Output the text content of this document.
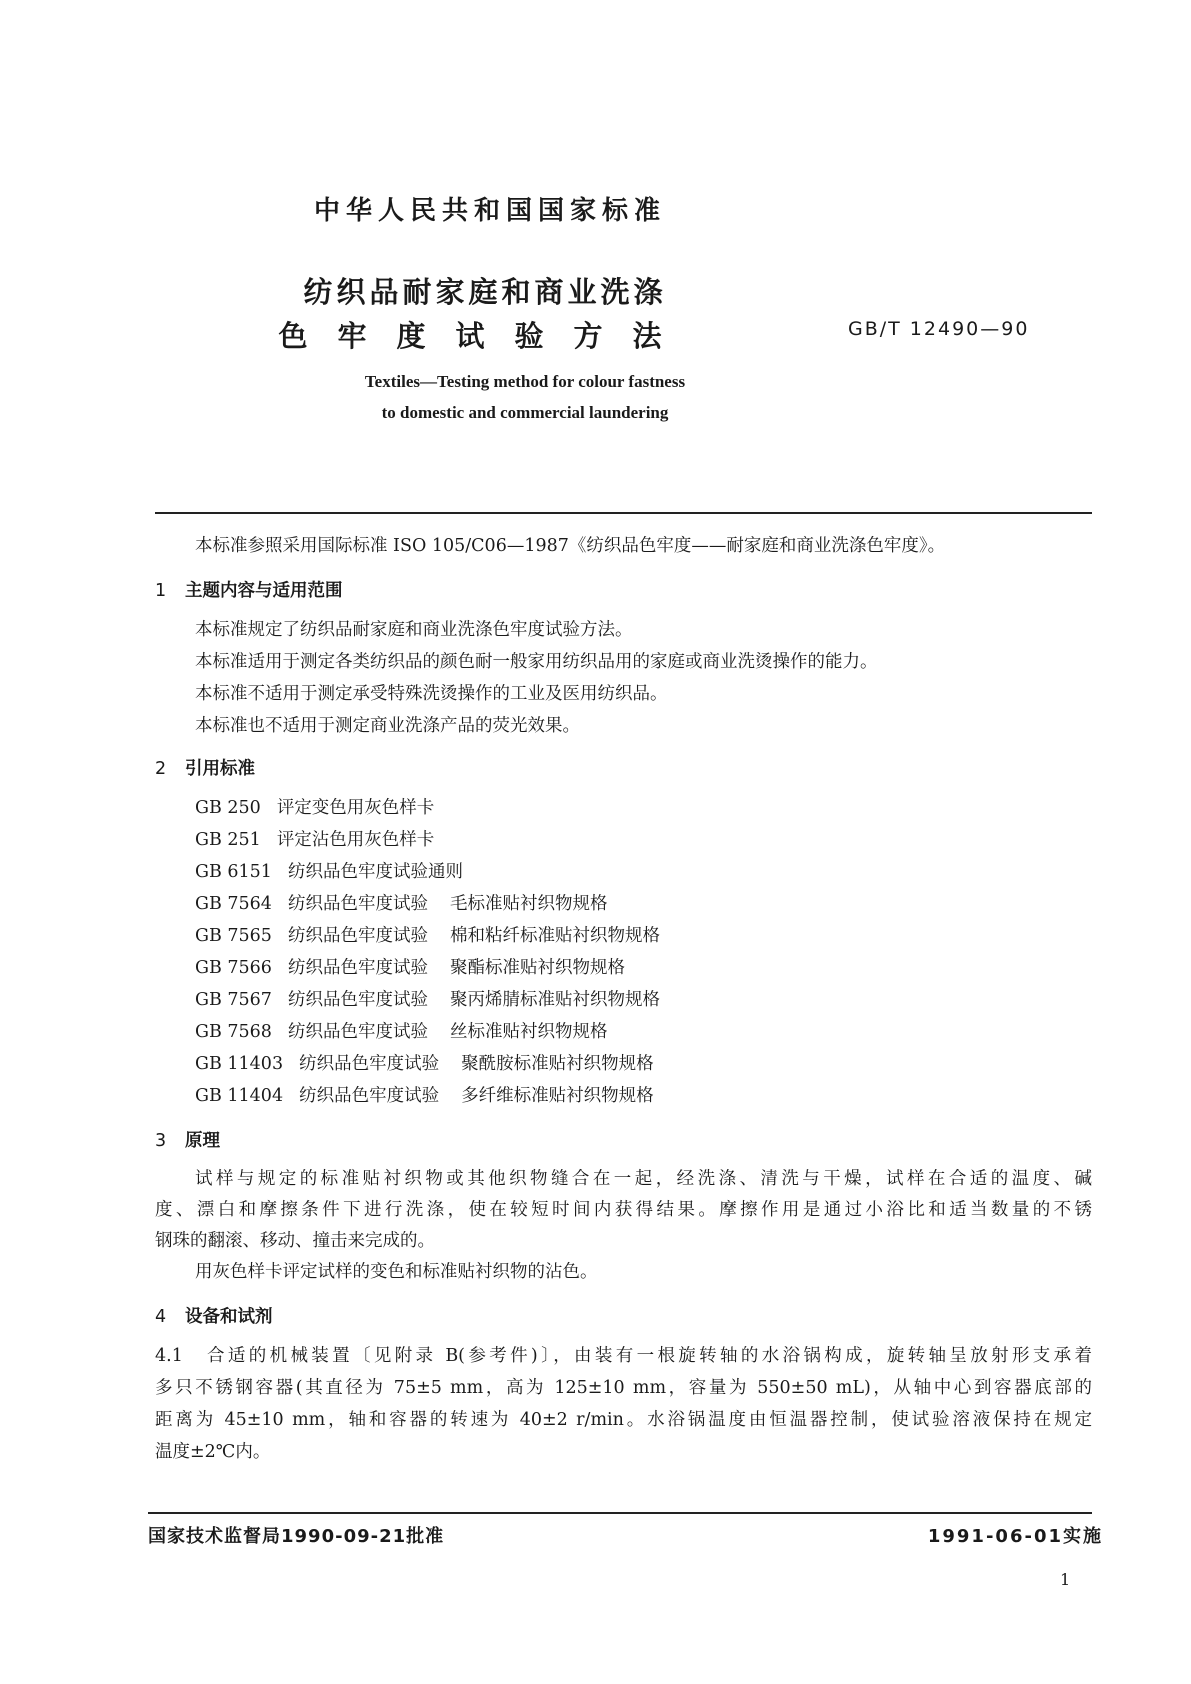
中华人民共和国国家标准
纺织品耐家庭和商业洗涤
色牢度试验方法	GB/T 12490—90
Textiles—Testing method for colour fastness
to domestic and commercial laundering
本标准参照采用国际标准 ISO 105/C06—1987《纺织品色牢度——耐家庭和商业洗涤色牢度》。
1 主题内容与适用范围
本标准规定了纺织品耐家庭和商业洗涤色牢度试验方法。
本标准适用于测定各类纺织品的颜色耐一般家用纺织品用的家庭或商业洗烫操作的能力。
本标准不适用于测定承受特殊洗烫操作的工业及医用纺织品。
本标准也不适用于测定商业洗涤产品的荧光效果。
2 引用标准
GB 250 评定变色用灰色样卡
GB 251 评定沾色用灰色样卡
GB 6151 纺织品色牢度试验通则
GB 7564 纺织品色牢度试验 毛标准贴衬织物规格
GB 7565 纺织品色牢度试验 棉和粘纤标准贴衬织物规格
GB 7566 纺织品色牢度试验 聚酯标准贴衬织物规格
GB 7567 纺织品色牢度试验 聚丙烯腈标准贴衬织物规格
GB 7568 纺织品色牢度试验 丝标准贴衬织物规格
GB 11403 纺织品色牢度试验 聚酰胺标准贴衬织物规格
GB 11404 纺织品色牢度试验 多纤维标准贴衬织物规格
3 原理
试样与规定的标准贴衬织物或其他织物缝合在一起，经洗涤、清洗与干燥，试样在合适的温度、碱
度、漂白和摩擦条件下进行洗涤，使在较短时间内获得结果。摩擦作用是通过小浴比和适当数量的不锈
钢珠的翻滚、移动、撞击来完成的。
用灰色样卡评定试样的变色和标准贴衬织物的沾色。
4 设备和试剂
4.1　合适的机械装置〔见附录 B(参考件)〕，由装有一根旋转轴的水浴锅构成，旋转轴呈放射形支承着
多只不锈钢容器(其直径为 75±5 mm，高为 125±10 mm，容量为 550±50 mL)，从轴中心到容器底部的
距离为 45±10 mm，轴和容器的转速为 40±2 r/min。水浴锅温度由恒温器控制，使试验溶液保持在规定
温度±2℃内。
国家技术监督局1990-09-21批准	1991-06-01实施
1
